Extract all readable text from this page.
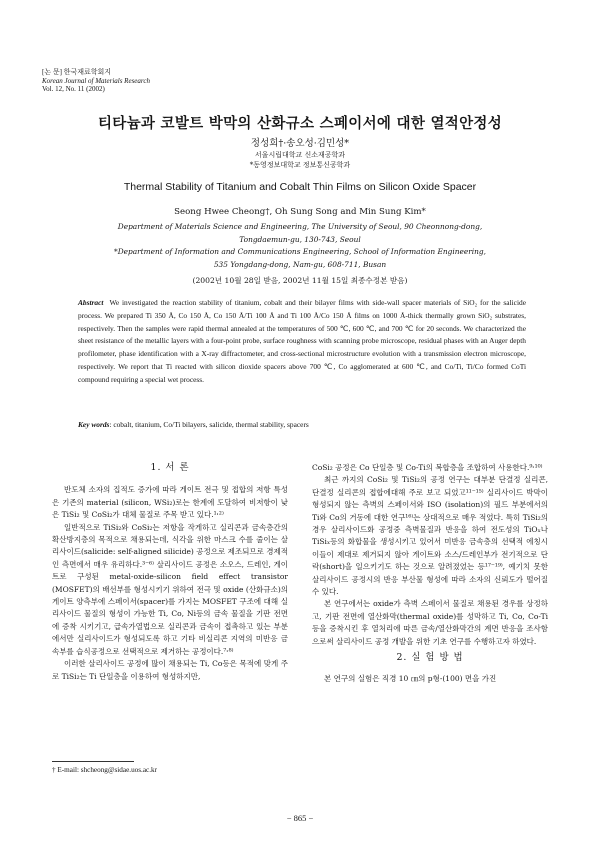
[논 문] 한국재료학회지
Korean Journal of Materials Research
Vol. 12, No. 11 (2002)
티타늄과 코발트 박막의 산화규소 스페이서에 대한 열적안정성
정성희†·송오성·김민성*
서울시립대학교 신소재공학과
*동영정보대학교 정보통신공학과
Thermal Stability of Titanium and Cobalt Thin Films on Silicon Oxide Spacer
Seong Hwee Cheong†, Oh Sung Song and Min Sung Kim*
Department of Materials Science and Engineering, The University of Seoul, 90 Cheonnong-dong,
Tongdaemun-gu, 130-743, Seoul
*Department of Information and Communications Engineering, School of Information Engineering,
535 Yongdang-dong, Nam-gu, 608-711, Busan
(2002년 10월 28일 받음, 2002년 11월 15일 최종수정본 받음)
Abstract We investigated the reaction stability of titanium, cobalt and their bilayer films with side-wall spacer materials of SiO₂ for the salicide process. We prepared Ti 350 Å, Co 150 Å, Co 150 Å/Ti 100 Å and Ti 100 Å/Co 150 Å films on 1000 Å-thick thermally grown SiO₂ substrates, respectively. Then the samples were rapid thermal annealed at the temperatures of 500 ℃, 600 ℃, and 700 ℃ for 20 seconds. We characterized the sheet resistance of the metallic layers with a four-point probe, surface roughness with scanning probe microscope, residual phases with an Auger depth profilometer, phase identification with a X-ray diffractometer, and cross-sectional microstructure evolution with a transmission electron microscope, respectively. We report that Ti reacted with silicon dioxide spacers above 700 ℃, Co agglomerated at 600 ℃, and Co/Ti, Ti/Co formed CoTi compound requiring a special wet process.
Key words: cobalt, titanium, Co/Ti bilayers, salicide, thermal stability, spacers
1. 서 론

반도체 소자의 집적도 증가에 따라 게이트 전극 및 접합의 저항 특성은 기존의 material (silicon, WSi₂)로는 한계에 도달하여 비저항이 낮은 TiSi₂ 및 CoSi₂가 대체 물질로 주목 받고 있다.¹˒²⁾

일반적으로 TiSi₂와 CoSi₂는 저항을 작게하고 실리콘과 금속층간의 확산방지층의 목적으로 채용되는데, 식각을 위한 마스크 수를 줄이는 살리사이드(salicide: self-aligned silicide) 공정으로 제조되므로 경제적인 측면에서 매우 유리하다.³⁻⁶⁾ 살리사이드 공정은 소오스, 드레인, 게이트로 구성된 metal-oxide-silicon field effect transistor (MOSFET)의 배선부를 형성시키기 위하여 전극 및 oxide (산화규소)의 게이트 양측부에 스페이서(spacer)를 가지는 MOSFET 구조에 대해 실리사이드 물질의 형성이 가능한 Ti, Co, Ni등의 금속 물질을 기판 전면에 증착 시키기고, 급속가열법으로 실리콘과 금속이 접촉하고 있는 부분에서만 실리사이드가 형성되도록 하고 기타 비실리콘 지역의 미반응 금속부를 습식공정으로 선택적으로 제거하는 공정이다.⁷˒⁸⁾

이러한 살리사이드 공정에 많이 채용되는 Ti, Co등은 목적에 맞게 주로 TiSi₂는 Ti 단일층을 이용하여 형성하지만,

CoSi₂ 공정은 Co 단일층 및 Co-Ti의 복합층을 조합하여 사용한다.⁹˒¹⁰⁾

최근 까지의 CoSi₂ 및 TiSi₂의 공정 연구는 대부분 단결정 실리콘, 단결정 실리콘의 접합에대해 주로 보고 되었고¹¹⁻¹⁵⁾ 실리사이드 박막이 형성되지 않는 측벽의 스페이서와 ISO (isolation)의 필드 부분에서의 Ti와 Co의 거동에 대한 연구¹⁶⁾는 상대적으로 매우 적었다. 특히 TiSi₂의 경우 살리사이드화 공정중 측벽물질과 반응을 하여 전도성의 TiOₓ나 TiSiₓ등의 화합물을 생성시키고 있어서 미반응 금속층의 선택적 에칭시 이들이 제대로 제거되지 않아 게이트와 소스/드레인부가 전기적으로 단락(short)을 일으키기도 하는 것으로 알려졌었는 등¹⁷⁻¹⁹⁾, 예기치 못한 살리사이드 공정시의 반응 부산물 형성에 따라 소자의 신뢰도가 떨어질 수 있다.

본 연구에서는 oxide가 측벽 스페이서 물질로 채용된 경우를 상정하고, 기판 전면에 열산화막(thermal oxide)를 성막하고 Ti, Co, Co-Ti 등을 증착시킨 후 열처리에 따른 금속/열산화막간의 계면 반응을 조사함으로써 살리사이드 공정 개발을 위한 기초 연구를 수행하고자 하였다.

2. 실 험 방 법

본 연구의 실험은 직경 10 ㎝의 p형-(100) 면을 가진

† E-mail: shcheong@sidae.uos.ac.kr
− 865 −
